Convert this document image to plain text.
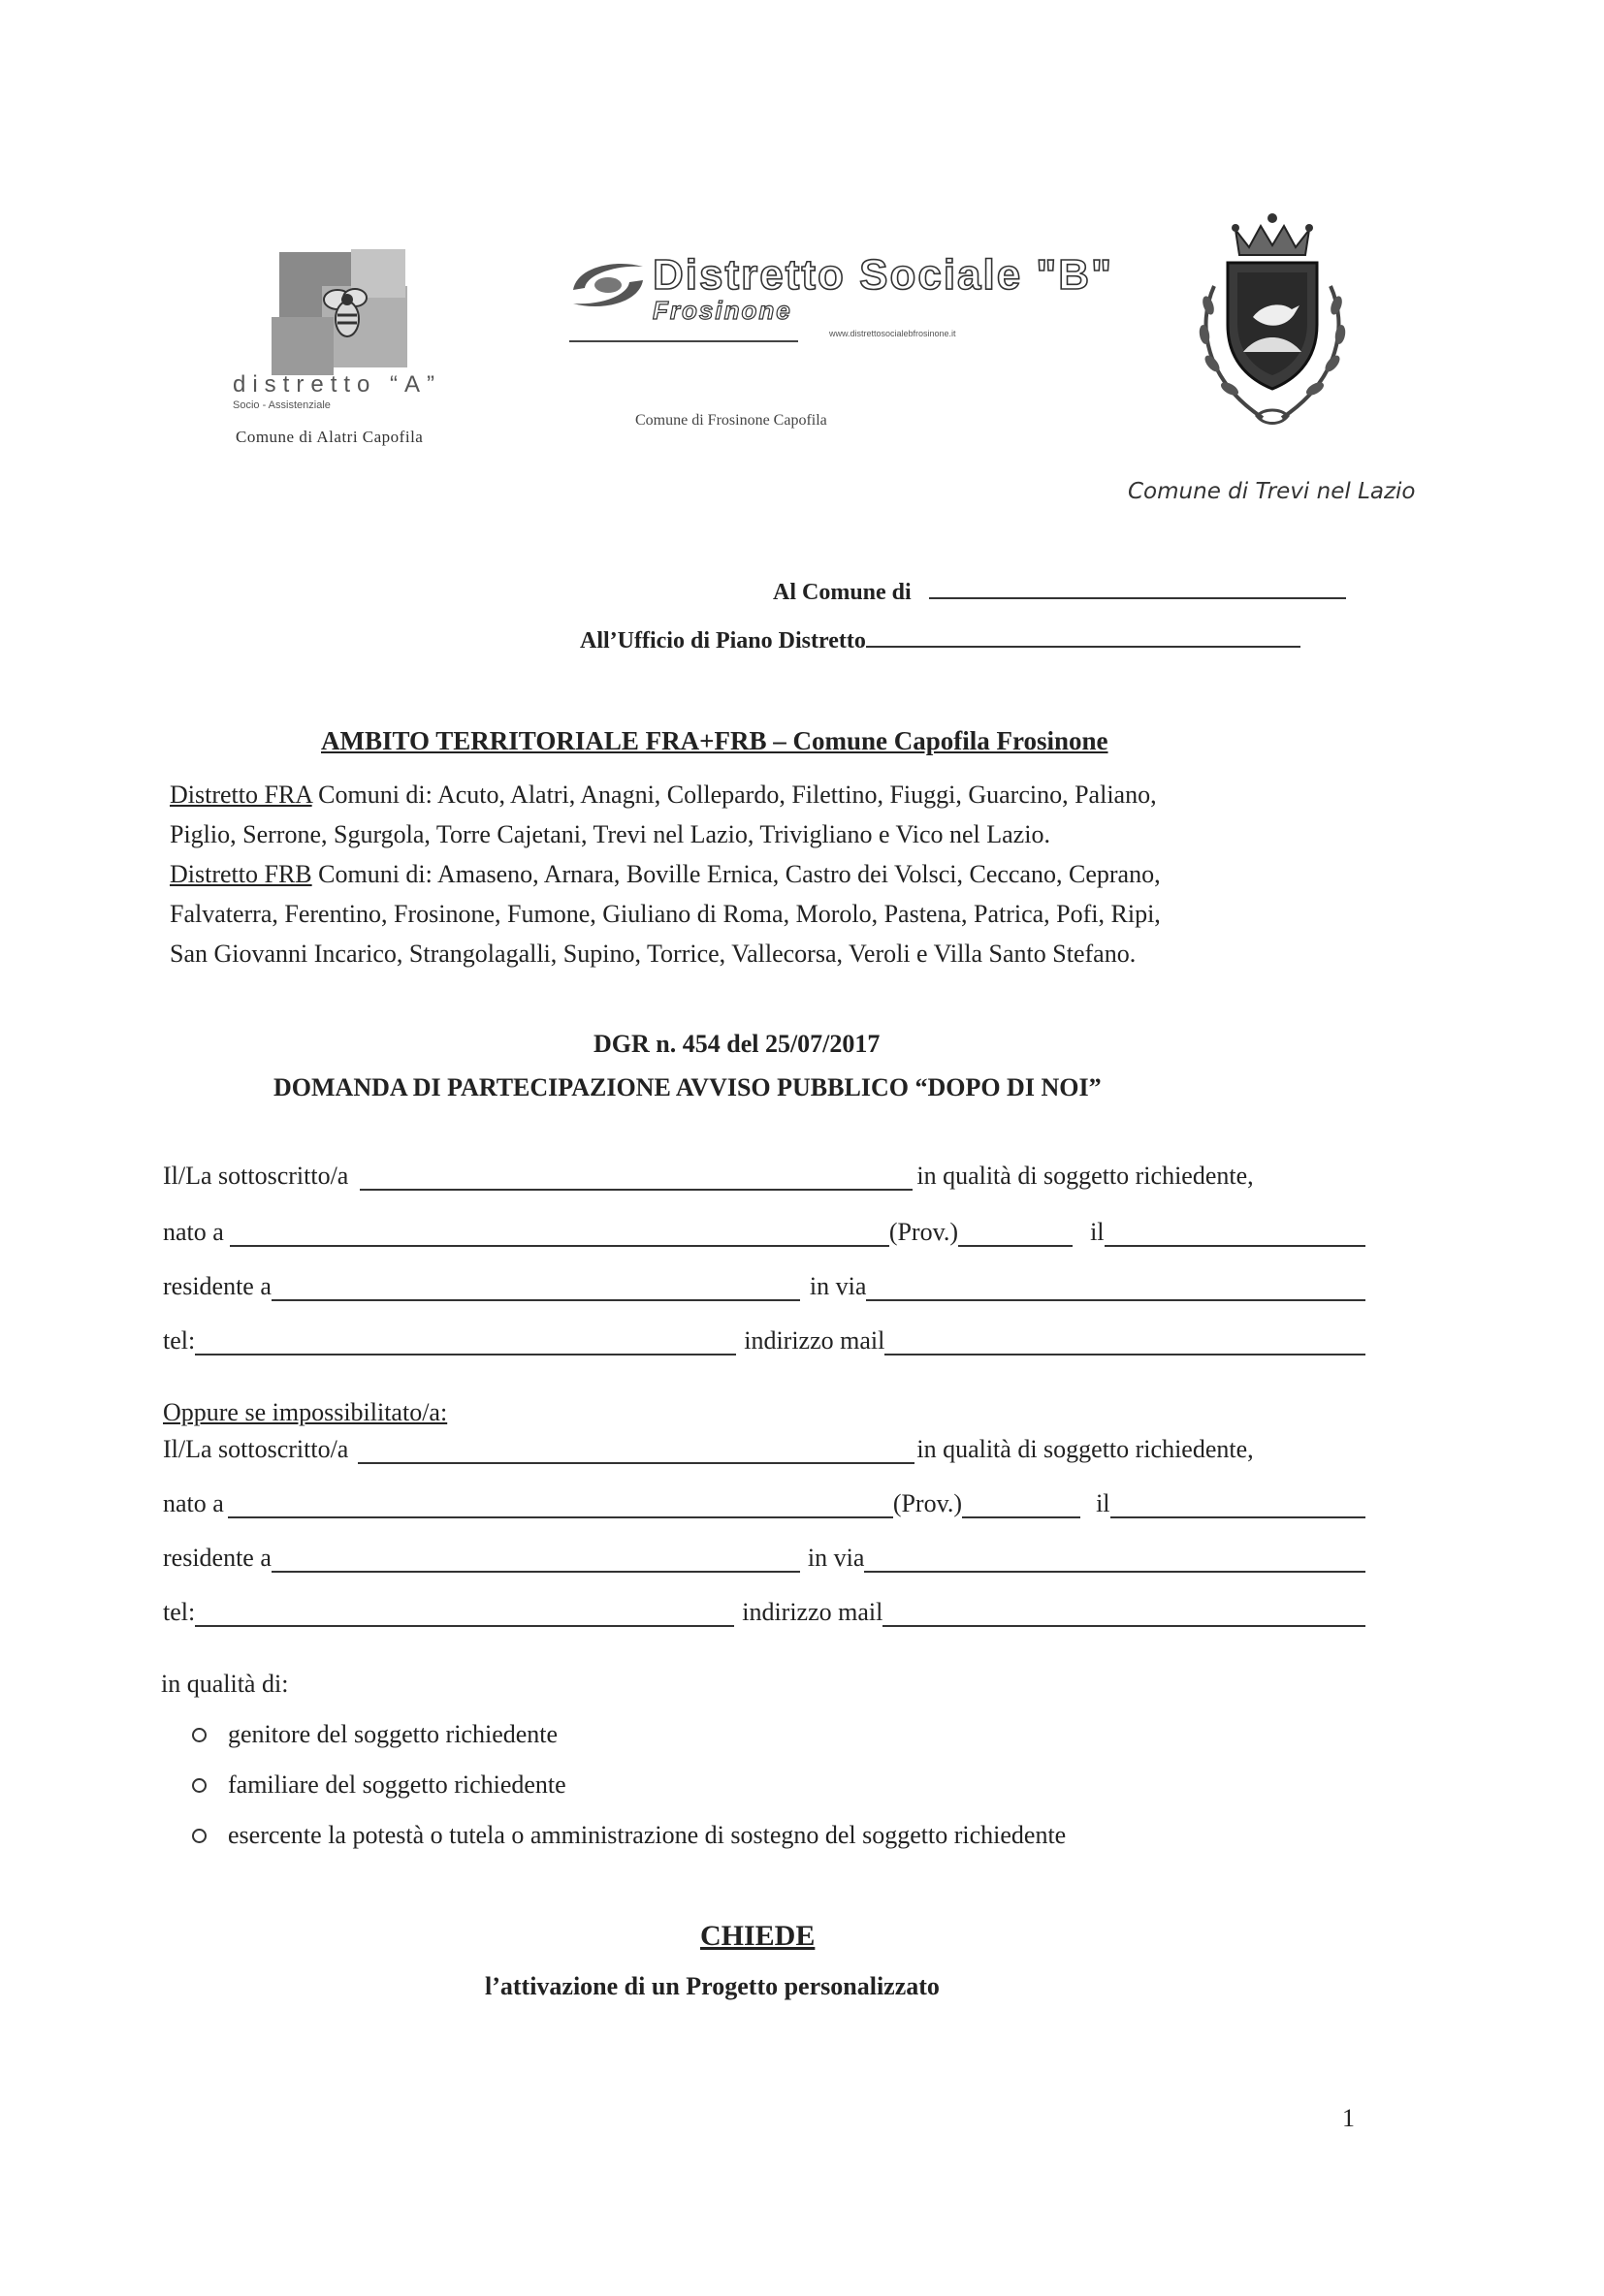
distretto “A”
Socio - Assistenziale
Comune di Alatri Capofila
Distretto Sociale "B"
Frosinone
www.distrettosocialebfrosinone.it
Comune di Frosinone Capofila
Comune di Trevi nel Lazio
Al Comune di
All’Ufficio di Piano Distretto
AMBITO TERRITORIALE FRA+FRB – Comune Capofila Frosinone
Distretto FRA Comuni di: Acuto, Alatri, Anagni, Collepardo, Filettino, Fiuggi, Guarcino, Paliano,
Piglio, Serrone, Sgurgola, Torre Cajetani, Trevi nel Lazio, Trivigliano e Vico nel Lazio.
Distretto FRB Comuni di: Amaseno, Arnara, Boville Ernica, Castro dei Volsci, Ceccano, Ceprano,
Falvaterra, Ferentino, Frosinone, Fumone, Giuliano di Roma, Morolo, Pastena, Patrica, Pofi, Ripi,
San Giovanni Incarico, Strangolagalli, Supino, Torrice, Vallecorsa, Veroli e Villa Santo Stefano.
DGR n. 454 del 25/07/2017
DOMANDA DI PARTECIPAZIONE AVVISO PUBBLICO “DOPO DI NOI”
Il/La sottoscritto/a	in qualità di soggetto richiedente,
nato a	(Prov.)	il
residente a	in via
tel:	indirizzo mail
Oppure se impossibilitato/a:
Il/La sottoscritto/a	in qualità di soggetto richiedente,
nato a	(Prov.)	il
residente a	in via
tel:	indirizzo mail
in qualità di:
genitore del soggetto richiedente
familiare del soggetto richiedente
esercente la potestà o tutela o amministrazione di sostegno del soggetto richiedente
CHIEDE
l’attivazione di un Progetto personalizzato
1
